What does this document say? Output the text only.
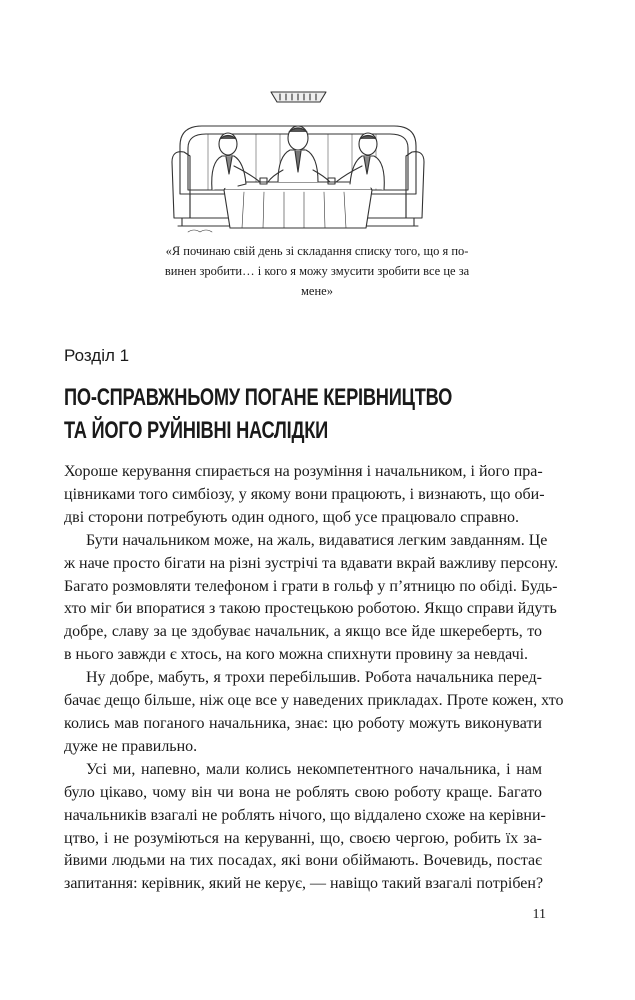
«Я починаю свій день зі складання списку того, що я по-
винен зробити… і кого я можу змусити зробити все це за
мене»

Розділ 1

ПО-СПРАВЖНЬОМУ ПОГАНЕ КЕРІВНИЦТВО
ТА ЙОГО РУЙНІВНІ НАСЛІДКИ

Хороше керування спирається на розуміння і начальником, і його пра-
цівниками того симбіозу, у якому вони працюють, і визнають, що оби-
дві сторони потребують один одного, щоб усе працювало справно.

Бути начальником може, на жаль, видаватися легким завданням. Це
ж наче просто бігати на різні зустрічі та вдавати вкрай важливу персону.
Багато розмовляти телефоном і грати в гольф у п’ятницю по обіді. Будь-
хто міг би впоратися з такою простецькою роботою. Якщо справи йдуть
добре, славу за це здобуває начальник, а якщо все йде шкереберть, то
в нього завжди є хтось, на кого можна спихнути провину за невдачі.

Ну добре, мабуть, я трохи перебільшив. Робота начальника перед-
бачає дещо більше, ніж оце все у наведених прикладах. Проте кожен, хто
колись мав поганого начальника, знає: цю роботу можуть виконувати
дуже не правильно.

Усі ми, напевно, мали колись некомпетентного начальника, і нам
було цікаво, чому він чи вона не роблять свою роботу краще. Багато
начальників взагалі не роблять нічого, що віддалено схоже на керівни-
цтво, і не розуміються на керуванні, що, своєю чергою, робить їх за-
йвими людьми на тих посадах, які вони обіймають. Вочевидь, постає
запитання: керівник, який не керує, — навіщо такий взагалі потрібен?

11
